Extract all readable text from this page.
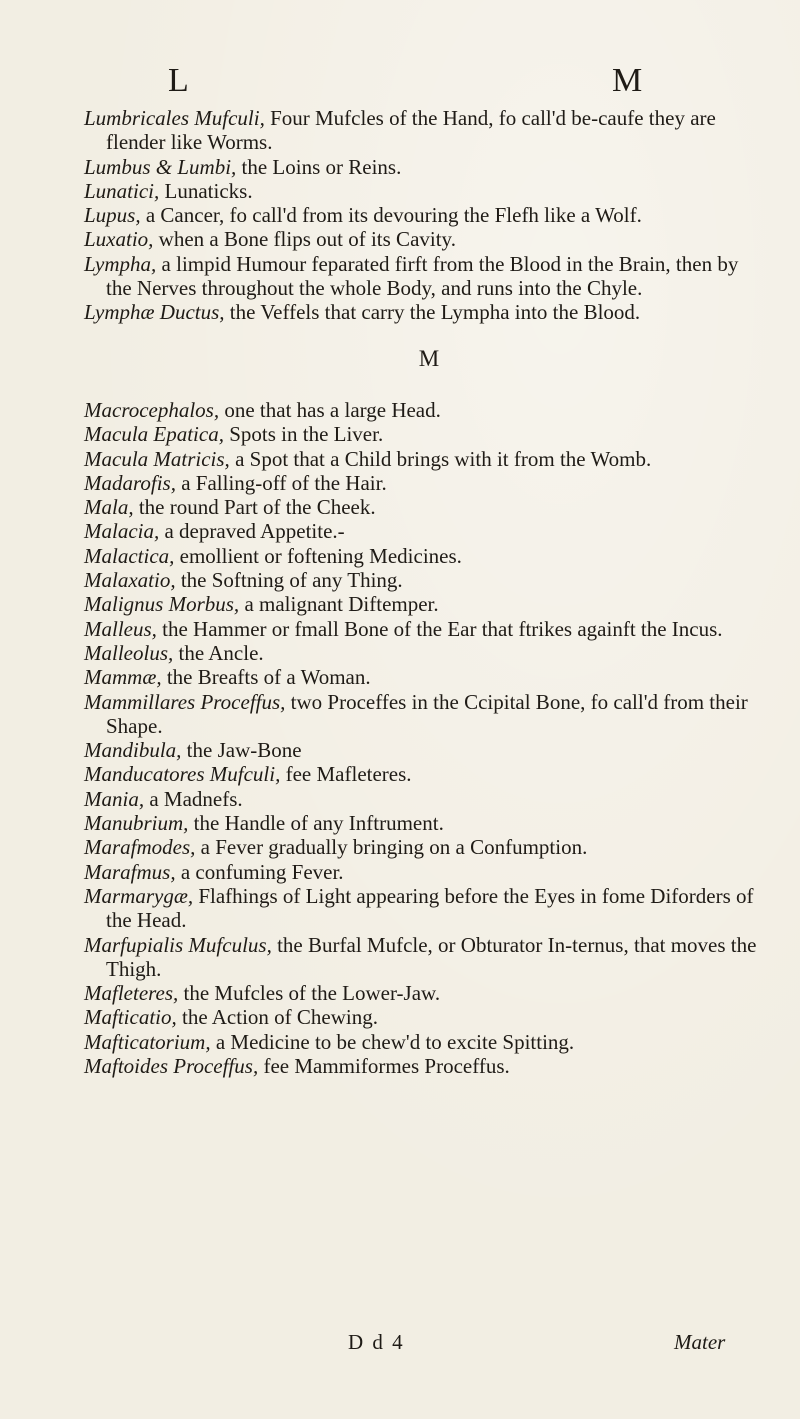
L	M

Lumbricales Mufculi, Four Mufcles of the Hand, fo call'd be-caufe they are flender like Worms.

Lumbus & Lumbi, the Loins or Reins.

Lunatici, Lunaticks.

Lupus, a Cancer, fo call'd from its devouring the Flefh like a Wolf.

Luxatio, when a Bone flips out of its Cavity.

Lympha, a limpid Humour feparated firft from the Blood in the Brain, then by the Nerves throughout the whole Body, and runs into the Chyle.

Lymphæ Ductus, the Veffels that carry the Lympha into the Blood.

M

Macrocephalos, one that has a large Head.

Macula Epatica, Spots in the Liver.

Macula Matricis, a Spot that a Child brings with it from the Womb.

Madarofis, a Falling-off of the Hair.

Mala, the round Part of the Cheek.

Malacia, a depraved Appetite.-

Malactica, emollient or foftening Medicines.

Malaxatio, the Softning of any Thing.

Malignus Morbus, a malignant Diftemper.

Malleus, the Hammer or fmall Bone of the Ear that ftrikes againft the Incus.

Malleolus, the Ancle.

Mammæ, the Breafts of a Woman.

Mammillares Proceffus, two Proceffes in the Ccipital Bone, fo call'd from their Shape.

Mandibula, the Jaw-Bone

Manducatores Mufculi, fee Mafleteres.

Mania, a Madnefs.

Manubrium, the Handle of any Inftrument.

Marafmodes, a Fever gradually bringing on a Confumption.

Marafmus, a confuming Fever.

Marmarygæ, Flafhings of Light appearing before the Eyes in fome Diforders of the Head.

Marfupialis Mufculus, the Burfal Mufcle, or Obturator In-ternus, that moves the Thigh.

Mafleteres, the Mufcles of the Lower-Jaw.

Mafticatio, the Action of Chewing.

Mafticatorium, a Medicine to be chew'd to excite Spitting.

Maftoides Proceffus, fee Mammiformes Proceffus.

D d 4	Mater
